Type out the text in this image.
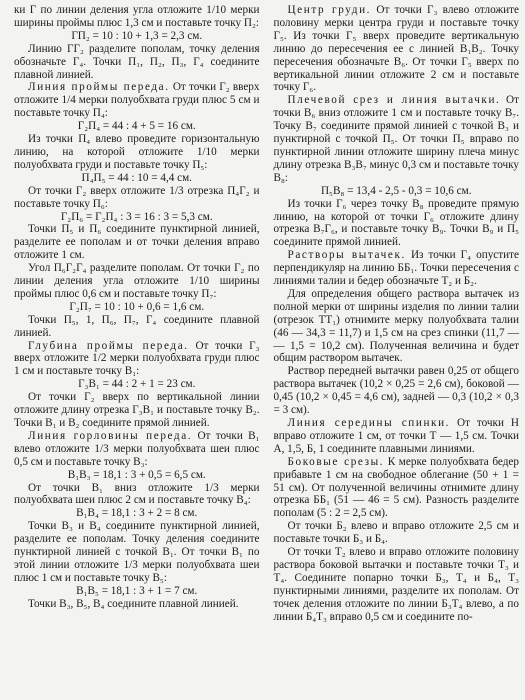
ки Г по линии деления угла отложите 1/10 мерки ширины проймы плюс 1,3 см и поставьте точку П₂:

ГП₂ = 10 : 10 + 1,3 = 2,3 см.

Линию ГГ₂ разделите пополам, точку деления обозначьте Г₄. Точки П₁, П₂, П₃, Г₄ соедините плавной линией.

Линия проймы переда. От точки Г₂ вверх отложите 1/4 мерки полуобхвата груди плюс 5 см и поставьте точку П₄:

Г₂П₄ = 44 : 4 + 5 = 16 см.

Из точки П₄ влево проведите горизонтальную линию, на которой отложите 1/10 мерки полуобхвата груди и поставьте точку П₅:

П₄П₅ = 44 : 10 = 4,4 см.

От точки Г₂ вверх отложите 1/3 отрезка П₄Г₂ и поставьте точку П₆:

Г₂П₆ = Г₂П₄ : 3 = 16 : 3 = 5,3 см.

Точки П₅ и П₆ соедините пунктирной линией, разделите ее пополам и от точки деления вправо отложите 1 см.

Угол П₆Г₂Г₄ разделите пополам. От точки Г₂ по линии деления угла отложите 1/10 ширины проймы плюс 0,6 см и поставьте точку П₇:

Г₂П₇ = 10 : 10 + 0,6 = 1,6 см.

Точки П₅, 1, П₆, П₇, Г₄ соедините плавной линией.

Глубина проймы переда. От точки Г₃ вверх отложите 1/2 мерки полуобхвата груди плюс 1 см и поставьте точку В₁:

Г₃В₁ = 44 : 2 + 1 = 23 см.

От точки Г₂ вверх по вертикальной линии отложите длину отрезка Г₃В₁ и поставьте точку В₂. Точки В₁ и В₂ соедините прямой линией.

Линия горловины переда. От точки В₁ влево отложите 1/3 мерки полуобхвата шеи плюс 0,5 см и поставьте точку В₃:

В₁В₃ = 18,1 : 3 + 0,5 = 6,5 см.

От точки В₁ вниз отложите 1/3 мерки полуобхвата шеи плюс 2 см и поставьте точку В₄:

В₁В₄ = 18,1 : 3 + 2 = 8 см.

Точки В₃ и В₄ соедините пунктирной линией, разделите ее пополам. Точку деления соедините пунктирной линией с точкой В₁. От точки В₁ по этой линии отложите 1/3 мерки полуобхвата шеи плюс 1 см и поставьте точку В₅:

В₁В₅ = 18,1 : 3 + 1 = 7 см.

Точки В₃, В₅, В₄ соедините плавной линией.

Центр груди. От точки Г₃ влево отложите половину мерки центра груди и поставьте точку Г₅. Из точки Г₅ вверх проведите вертикальную линию до пересечения ее с линией В₁В₂. Точку пересечения обозначьте В₆. От точки Г₅ вверх по вертикальной линии отложите 2 см и поставьте точку Г₆.

Плечевой срез и линия вытачки. От точки В₆ вниз отложите 1 см и поставьте точку В₇. Точку В₇ соедините прямой линией с точкой В₃ и пунктирной с точкой П₅. От точки П₅ вправо по пунктирной линии отложите ширину плеча минус длину отрезка В₃В₇ минус 0,3 см и поставьте точку В₈:

П₅В₈ = 13,4 - 2,5 - 0,3 = 10,6 см.

Из точки Г₆ через точку В₈ проведите прямую линию, на которой от точки Г₆ отложите длину отрезка В₇Г₆, и поставьте точку В₉. Точки В₉ и П₅ соедините прямой линией.

Растворы вытачек. Из точки Г₄ опустите перпендикуляр на линию ББ₁. Точки пересечения с линиями талии и бедер обозначьте Т₂ и Б₂.

Для определения общего раствора вытачек из полной мерки от ширины изделия по линии талии (отрезок ТТ₁) отнимите мерку полуобхвата талии (46 — 34,3 = 11,7) и 1,5 см на срез спинки (11,7 — — 1,5 = 10,2 см). Полученная величина и будет общим раствором вытачек.

Раствор передней вытачки равен 0,25 от общего раствора вытачек (10,2 × 0,25 = 2,6 см), боковой — 0,45 (10,2 × 0,45 = 4,6 см), задней — 0,3 (10,2 × 0,3 = 3 см).

Линия середины спинки. От точки Н вправо отложите 1 см, от точки Т — 1,5 см. Точки А, 1,5, Б, 1 соедините плавными линиями.

Боковые срезы. К мерке полуобхвата бедер прибавьте 1 см на свободное облегание (50 + 1 = 51 см). От полученной величины отнимите длину отрезка ББ₁ (51 — 46 = 5 см). Разность разделите пополам (5 : 2 = 2,5 см).

От точки Б₂ влево и вправо отложите 2,5 см и поставьте точки Б₃ и Б₄.

От точки Т₂ влево и вправо отложите половину раствора боковой вытачки и поставьте точки Т₃ и Т₄. Соедините попарно точки Б₃, Т₄ и Б₄, Т₃ пунктирными линиями, разделите их пополам. От точек деления отложите по линии Б₃Т₄ влево, а по линии Б₄Т₃ вправо 0,5 см и соедините по-
